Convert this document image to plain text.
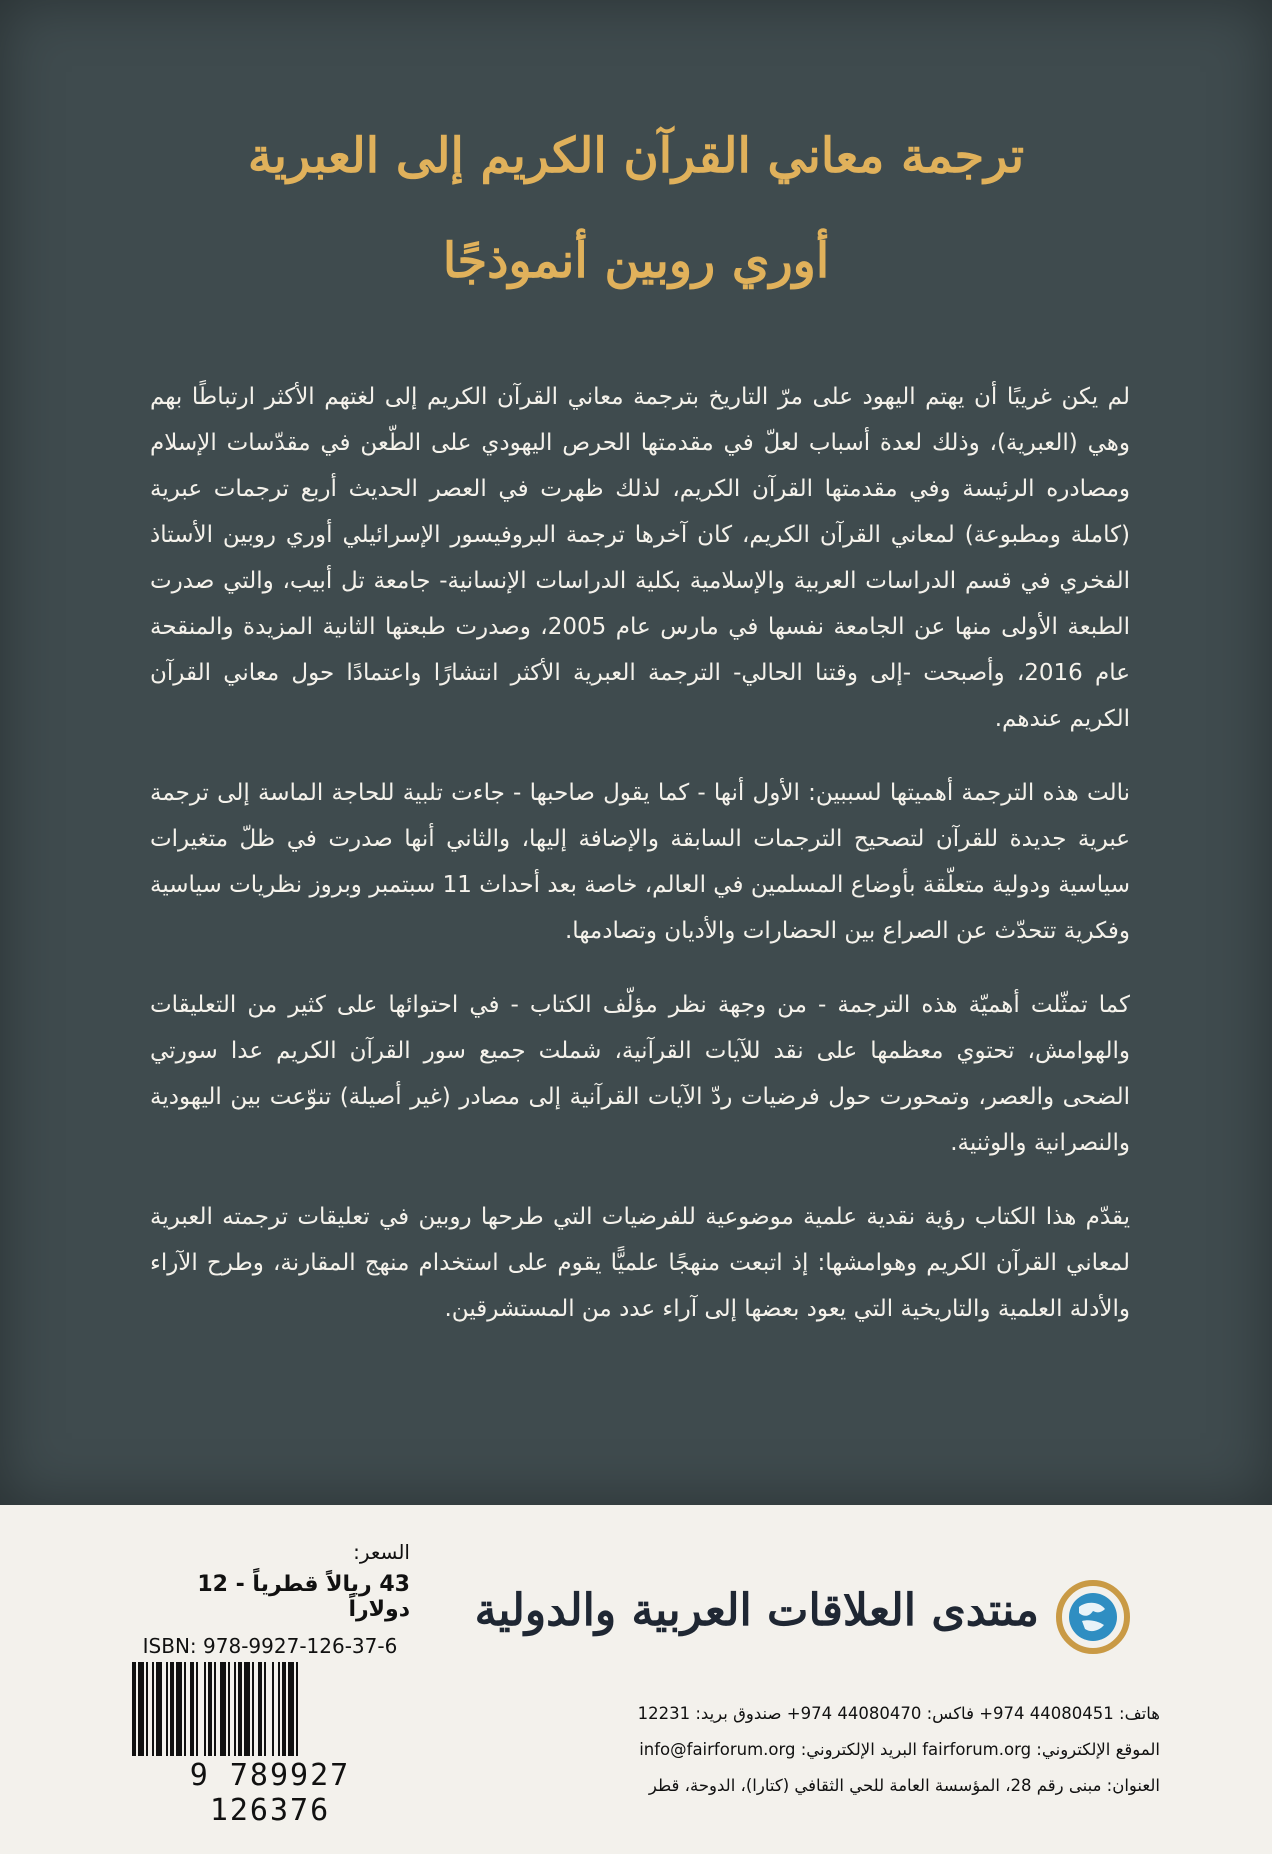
ترجمة معاني القرآن الكريم إلى العبرية
أوري روبين أنموذجًا

لم يكن غريبًا أن يهتم اليهود على مرّ التاريخ بترجمة معاني القرآن الكريم إلى لغتهم الأكثر ارتباطًا بهم وهي (العبرية)، وذلك لعدة أسباب لعلّ في مقدمتها الحرص اليهودي على الطّعن في مقدّسات الإسلام ومصادره الرئيسة وفي مقدمتها القرآن الكريم، لذلك ظهرت في العصر الحديث أربع ترجمات عبرية (كاملة ومطبوعة) لمعاني القرآن الكريم، كان آخرها ترجمة البروفيسور الإسرائيلي أوري روبين الأستاذ الفخري في قسم الدراسات العربية والإسلامية بكلية الدراسات الإنسانية- جامعة تل أبيب، والتي صدرت الطبعة الأولى منها عن الجامعة نفسها في مارس عام 2005، وصدرت طبعتها الثانية المزيدة والمنقحة عام 2016، وأصبحت -إلى وقتنا الحالي- الترجمة العبرية الأكثر انتشارًا واعتمادًا حول معاني القرآن الكريم عندهم.

نالت هذه الترجمة أهميتها لسببين: الأول أنها - كما يقول صاحبها - جاءت تلبية للحاجة الماسة إلى ترجمة عبرية جديدة للقرآن لتصحيح الترجمات السابقة والإضافة إليها، والثاني أنها صدرت في ظلّ متغيرات سياسية ودولية متعلّقة بأوضاع المسلمين في العالم، خاصة بعد أحداث 11 سبتمبر وبروز نظريات سياسية وفكرية تتحدّث عن الصراع بين الحضارات والأديان وتصادمها.

كما تمثّلت أهميّة هذه الترجمة - من وجهة نظر مؤلّف الكتاب - في احتوائها على كثير من التعليقات والهوامش، تحتوي معظمها على نقد للآيات القرآنية، شملت جميع سور القرآن الكريم عدا سورتي الضحى والعصر، وتمحورت حول فرضيات ردّ الآيات القرآنية إلى مصادر (غير أصيلة) تنوّعت بين اليهودية والنصرانية والوثنية.

يقدّم هذا الكتاب رؤية نقدية علمية موضوعية للفرضيات التي طرحها روبين في تعليقات ترجمته العبرية لمعاني القرآن الكريم وهوامشها: إذ اتبعت منهجًا علميًّا يقوم على استخدام منهج المقارنة، وطرح الآراء والأدلة العلمية والتاريخية التي يعود بعضها إلى آراء عدد من المستشرقين.

السعر:
43 ريالاً قطرياً - 12 دولاراً
ISBN: 978-9927-126-37-6
9 789927 126376
منتدى العلاقات العربية والدولية
هاتف: 44080451 974+ فاكس: 44080470 974+ صندوق بريد: 12231
الموقع الإلكتروني: fairforum.org البريد الإلكتروني: info@fairforum.org
العنوان: مبنى رقم 28، المؤسسة العامة للحي الثقافي (كتارا)، الدوحة، قطر
